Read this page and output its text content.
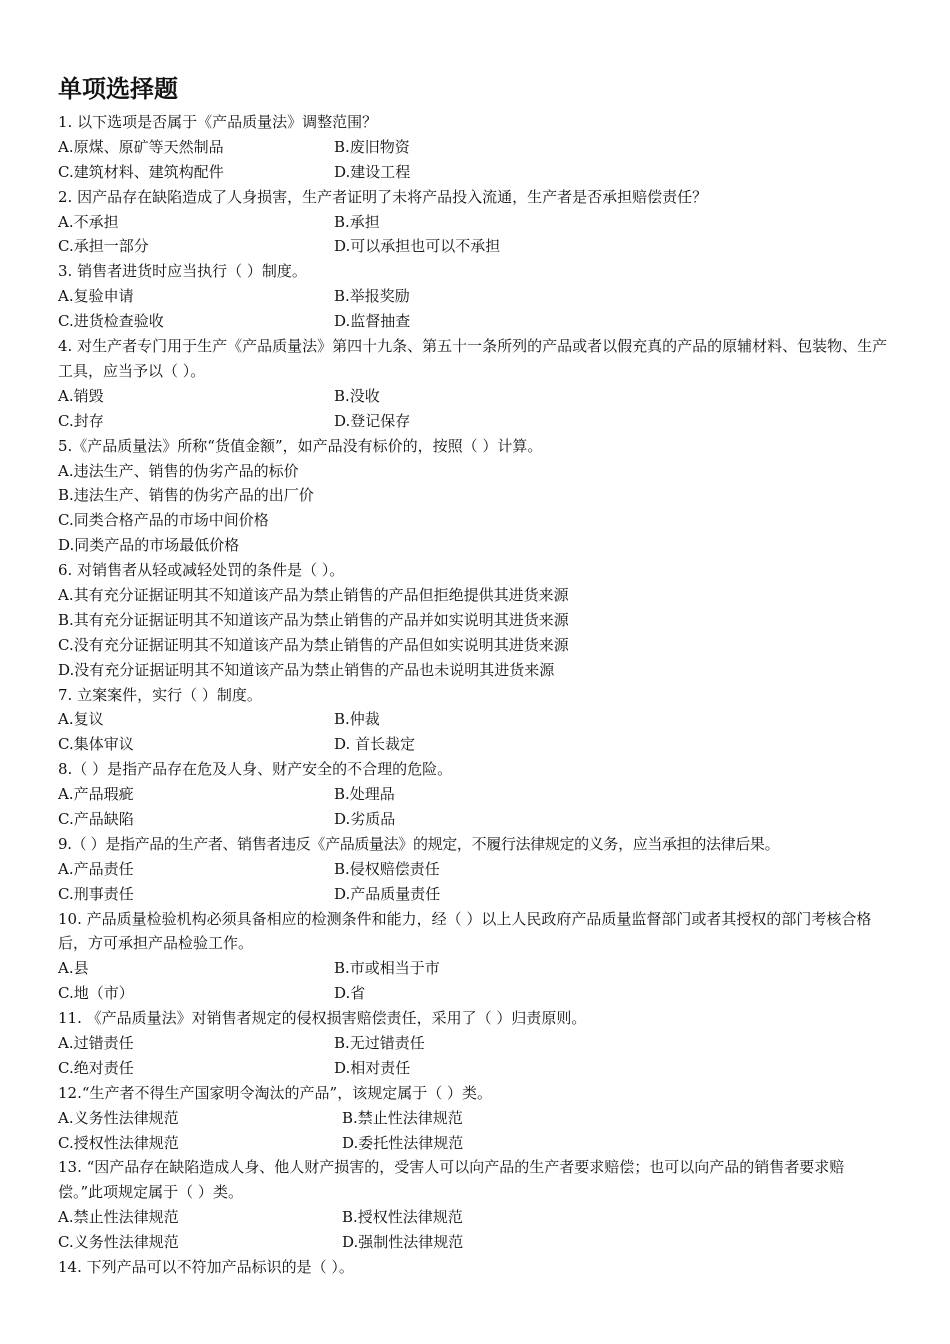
单项选择题
1. 以下选项是否属于《产品质量法》调整范围？
A.原煤、原矿等天然制品	B.废旧物资
C.建筑材料、建筑构配件	D.建设工程
2. 因产品存在缺陷造成了人身损害，生产者证明了未将产品投入流通，生产者是否承担赔偿责任？
A.不承担	B.承担
C.承担一部分	D.可以承担也可以不承担
3. 销售者进货时应当执行（ ）制度。
A.复验申请	B.举报奖励
C.进货检查验收	D.监督抽查
4. 对生产者专门用于生产《产品质量法》第四十九条、第五十一条所列的产品或者以假充真的产品的原辅材料、包装物、生产工具，应当予以（ ）。
A.销毁	B.没收
C.封存	D.登记保存
5.《产品质量法》所称“货值金额”，如产品没有标价的，按照（ ）计算。
A.违法生产、销售的伪劣产品的标价
B.违法生产、销售的伪劣产品的出厂价
C.同类合格产品的市场中间价格
D.同类产品的市场最低价格
6. 对销售者从轻或减轻处罚的条件是（ ）。
A.其有充分证据证明其不知道该产品为禁止销售的产品但拒绝提供其进货来源
B.其有充分证据证明其不知道该产品为禁止销售的产品并如实说明其进货来源
C.没有充分证据证明其不知道该产品为禁止销售的产品但如实说明其进货来源
D.没有充分证据证明其不知道该产品为禁止销售的产品也未说明其进货来源
7. 立案案件，实行（ ）制度。
A.复议	B.仲裁
C.集体审议	D. 首长裁定
8.（ ）是指产品存在危及人身、财产安全的不合理的危险。
A.产品瑕疵	B.处理品
C.产品缺陷	D.劣质品
9.（ ）是指产品的生产者、销售者违反《产品质量法》的规定，不履行法律规定的义务，应当承担的法律后果。
A.产品责任	B.侵权赔偿责任
C.刑事责任	D.产品质量责任
10. 产品质量检验机构必须具备相应的检测条件和能力，经（ ）以上人民政府产品质量监督部门或者其授权的部门考核合格后，方可承担产品检验工作。
A.县	B.市或相当于市
C.地（市）	D.省
11. 《产品质量法》对销售者规定的侵权损害赔偿责任，采用了（ ）归责原则。
A.过错责任	B.无过错责任
C.绝对责任	D.相对责任
12.“生产者不得生产国家明令淘汰的产品”，该规定属于（ ）类。
A.义务性法律规范	B.禁止性法律规范
C.授权性法律规范	D.委托性法律规范
13. “因产品存在缺陷造成人身、他人财产损害的，受害人可以向产品的生产者要求赔偿；也可以向产品的销售者要求赔偿。”此项规定属于（ ）类。
A.禁止性法律规范	B.授权性法律规范
C.义务性法律规范	D.强制性法律规范
14. 下列产品可以不符加产品标识的是（ ）。
